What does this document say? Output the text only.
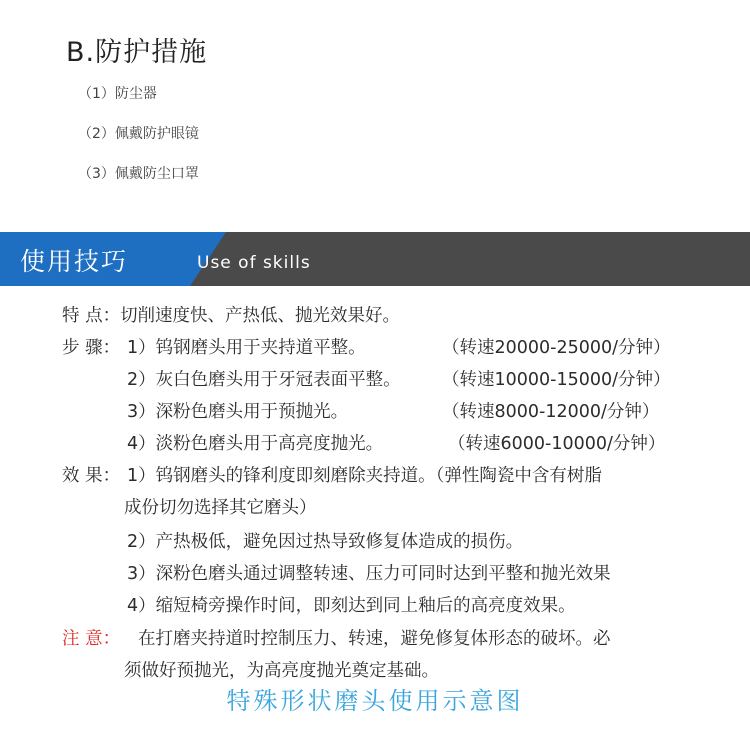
B.防护措施
（1）防尘器
（2）佩戴防护眼镜
（3）佩戴防尘口罩
使用技巧	Use of skills
特 点：切削速度快、产热低、抛光效果好。
步 骤： 1）钨钢磨头用于夹持道平整。	（转速20000-25000/分钟）
2）灰白色磨头用于牙冠表面平整。 （转速10000-15000/分钟）
3）深粉色磨头用于预抛光。	（转速8000-12000/分钟）
4）淡粉色磨头用于高亮度抛光。	（转速6000-10000/分钟）
效 果： 1）钨钢磨头的锋利度即刻磨除夹持道。（弹性陶瓷中含有树脂
成份切勿选择其它磨头）
2）产热极低，避免因过热导致修复体造成的损伤。
3）深粉色磨头通过调整转速、压力可同时达到平整和抛光效果
4）缩短椅旁操作时间，即刻达到同上釉后的高亮度效果。
注 意： 在打磨夹持道时控制压力、转速，避免修复体形态的破坏。必
须做好预抛光，为高亮度抛光奠定基础。
特殊形状磨头使用示意图
